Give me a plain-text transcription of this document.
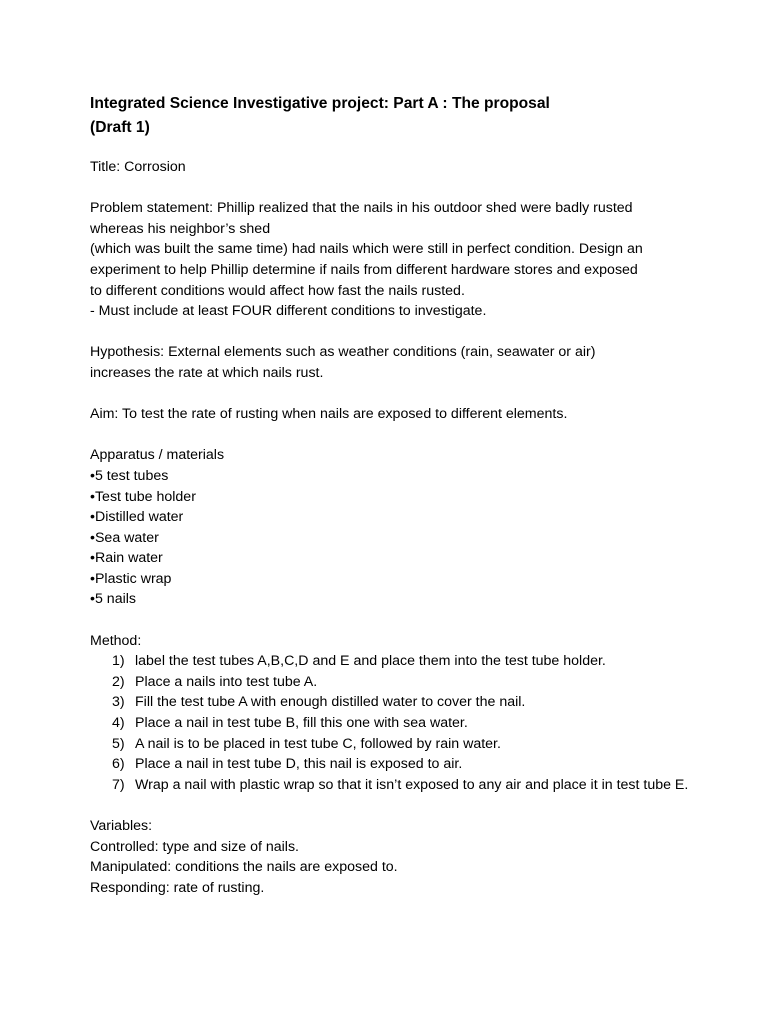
Integrated Science Investigative project: Part A : The proposal
(Draft 1)

Title: Corrosion

Problem statement: Phillip realized that the nails in his outdoor shed were badly rusted
whereas his neighbor’s shed
(which was built the same time) had nails which were still in perfect condition. Design an
experiment to help Phillip determine if nails from different hardware stores and exposed
to different conditions would affect how fast the nails rusted.
- Must include at least FOUR different conditions to investigate.
Hypothesis: External elements such as weather conditions (rain, seawater or air)
increases the rate at which nails rust.

Aim: To test the rate of rusting when nails are exposed to different elements.

Apparatus / materials
•5 test tubes
•Test tube holder
•Distilled water
•Sea water
•Rain water
•Plastic wrap
•5 nails
Method:
1) label the test tubes A,B,C,D and E and place them into the test tube holder.
2) Place a nails into test tube A.
3) Fill the test tube A with enough distilled water to cover the nail.
4) Place a nail in test tube B, fill this one with sea water.
5) A nail is to be placed in test tube C, followed by rain water.
6) Place a nail in test tube D, this nail is exposed to air.
7) Wrap a nail with plastic wrap so that it isn’t exposed to any air and place it in test tube E.
Variables:
Controlled: type and size of nails.
Manipulated: conditions the nails are exposed to.
Responding: rate of rusting.
